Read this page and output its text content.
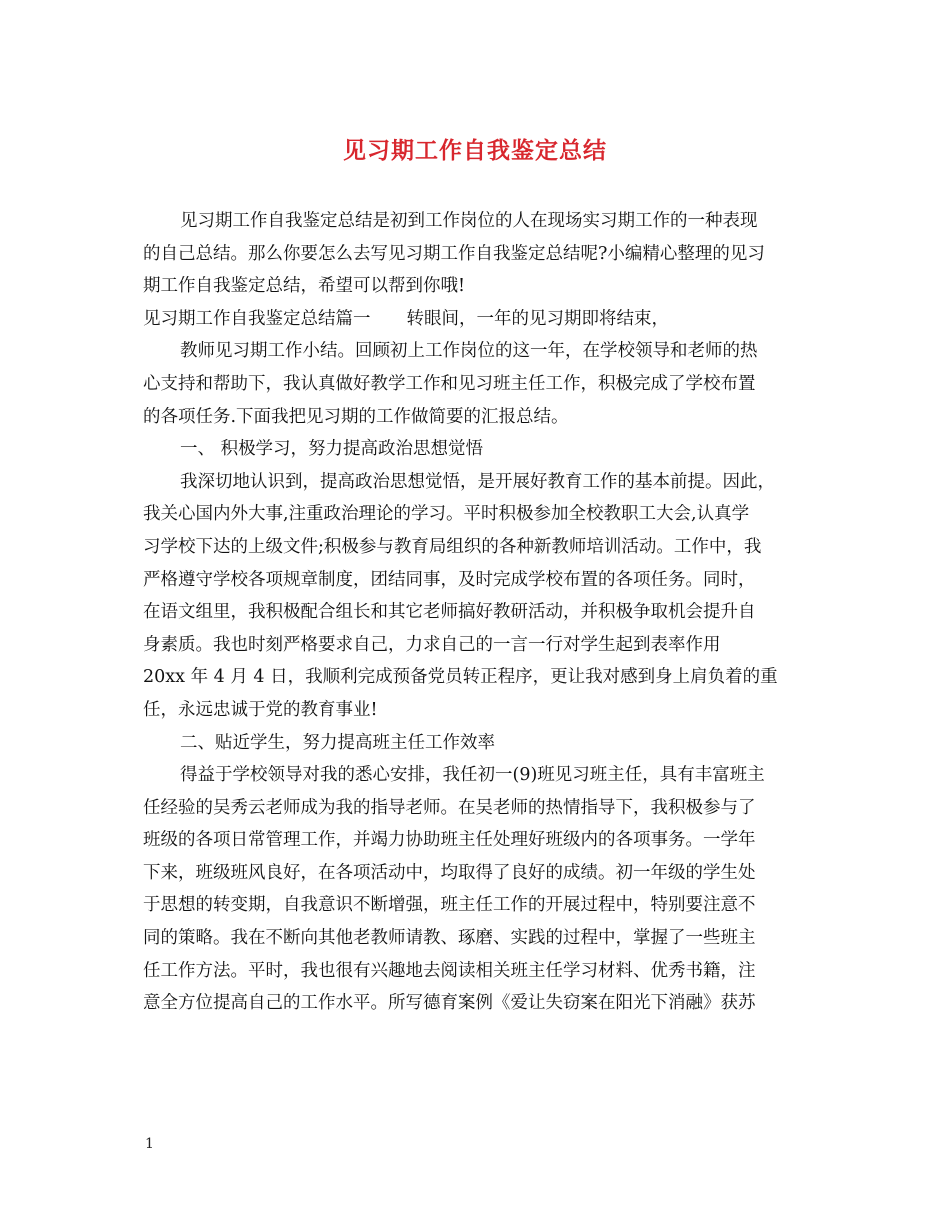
见习期工作自我鉴定总结
见习期工作自我鉴定总结是初到工作岗位的人在现场实习期工作的一种表现
的自己总结。那么你要怎么去写见习期工作自我鉴定总结呢?小编精心整理的见习
期工作自我鉴定总结，希望可以帮到你哦!
见习期工作自我鉴定总结篇一 转眼间，一年的见习期即将结束，
教师见习期工作小结。回顾初上工作岗位的这一年，在学校领导和老师的热
心支持和帮助下，我认真做好教学工作和见习班主任工作，积极完成了学校布置
的各项任务.下面我把见习期的工作做简要的汇报总结。
一、 积极学习，努力提高政治思想觉悟
我深切地认识到，提高政治思想觉悟，是开展好教育工作的基本前提。因此，
我关心国内外大事,注重政治理论的学习。平时积极参加全校教职工大会,认真学
习学校下达的上级文件;积极参与教育局组织的各种新教师培训活动。工作中，我
严格遵守学校各项规章制度，团结同事，及时完成学校布置的各项任务。同时，
在语文组里，我积极配合组长和其它老师搞好教研活动，并积极争取机会提升自
身素质。我也时刻严格要求自己，力求自己的一言一行对学生起到表率作用
20xx 年 4 月 4 日，我顺利完成预备党员转正程序，更让我对感到身上肩负着的重
任，永远忠诚于党的教育事业!
二、贴近学生，努力提高班主任工作效率
得益于学校领导对我的悉心安排，我任初一(9)班见习班主任，具有丰富班主
任经验的吴秀云老师成为我的指导老师。在吴老师的热情指导下，我积极参与了
班级的各项日常管理工作，并竭力协助班主任处理好班级内的各项事务。一学年
下来，班级班风良好，在各项活动中，均取得了良好的成绩。初一年级的学生处
于思想的转变期，自我意识不断增强，班主任工作的开展过程中，特别要注意不
同的策略。我在不断向其他老教师请教、琢磨、实践的过程中，掌握了一些班主
任工作方法。平时，我也很有兴趣地去阅读相关班主任学习材料、优秀书籍，注
意全方位提高自己的工作水平。所写德育案例《爱让失窃案在阳光下消融》获苏
1
